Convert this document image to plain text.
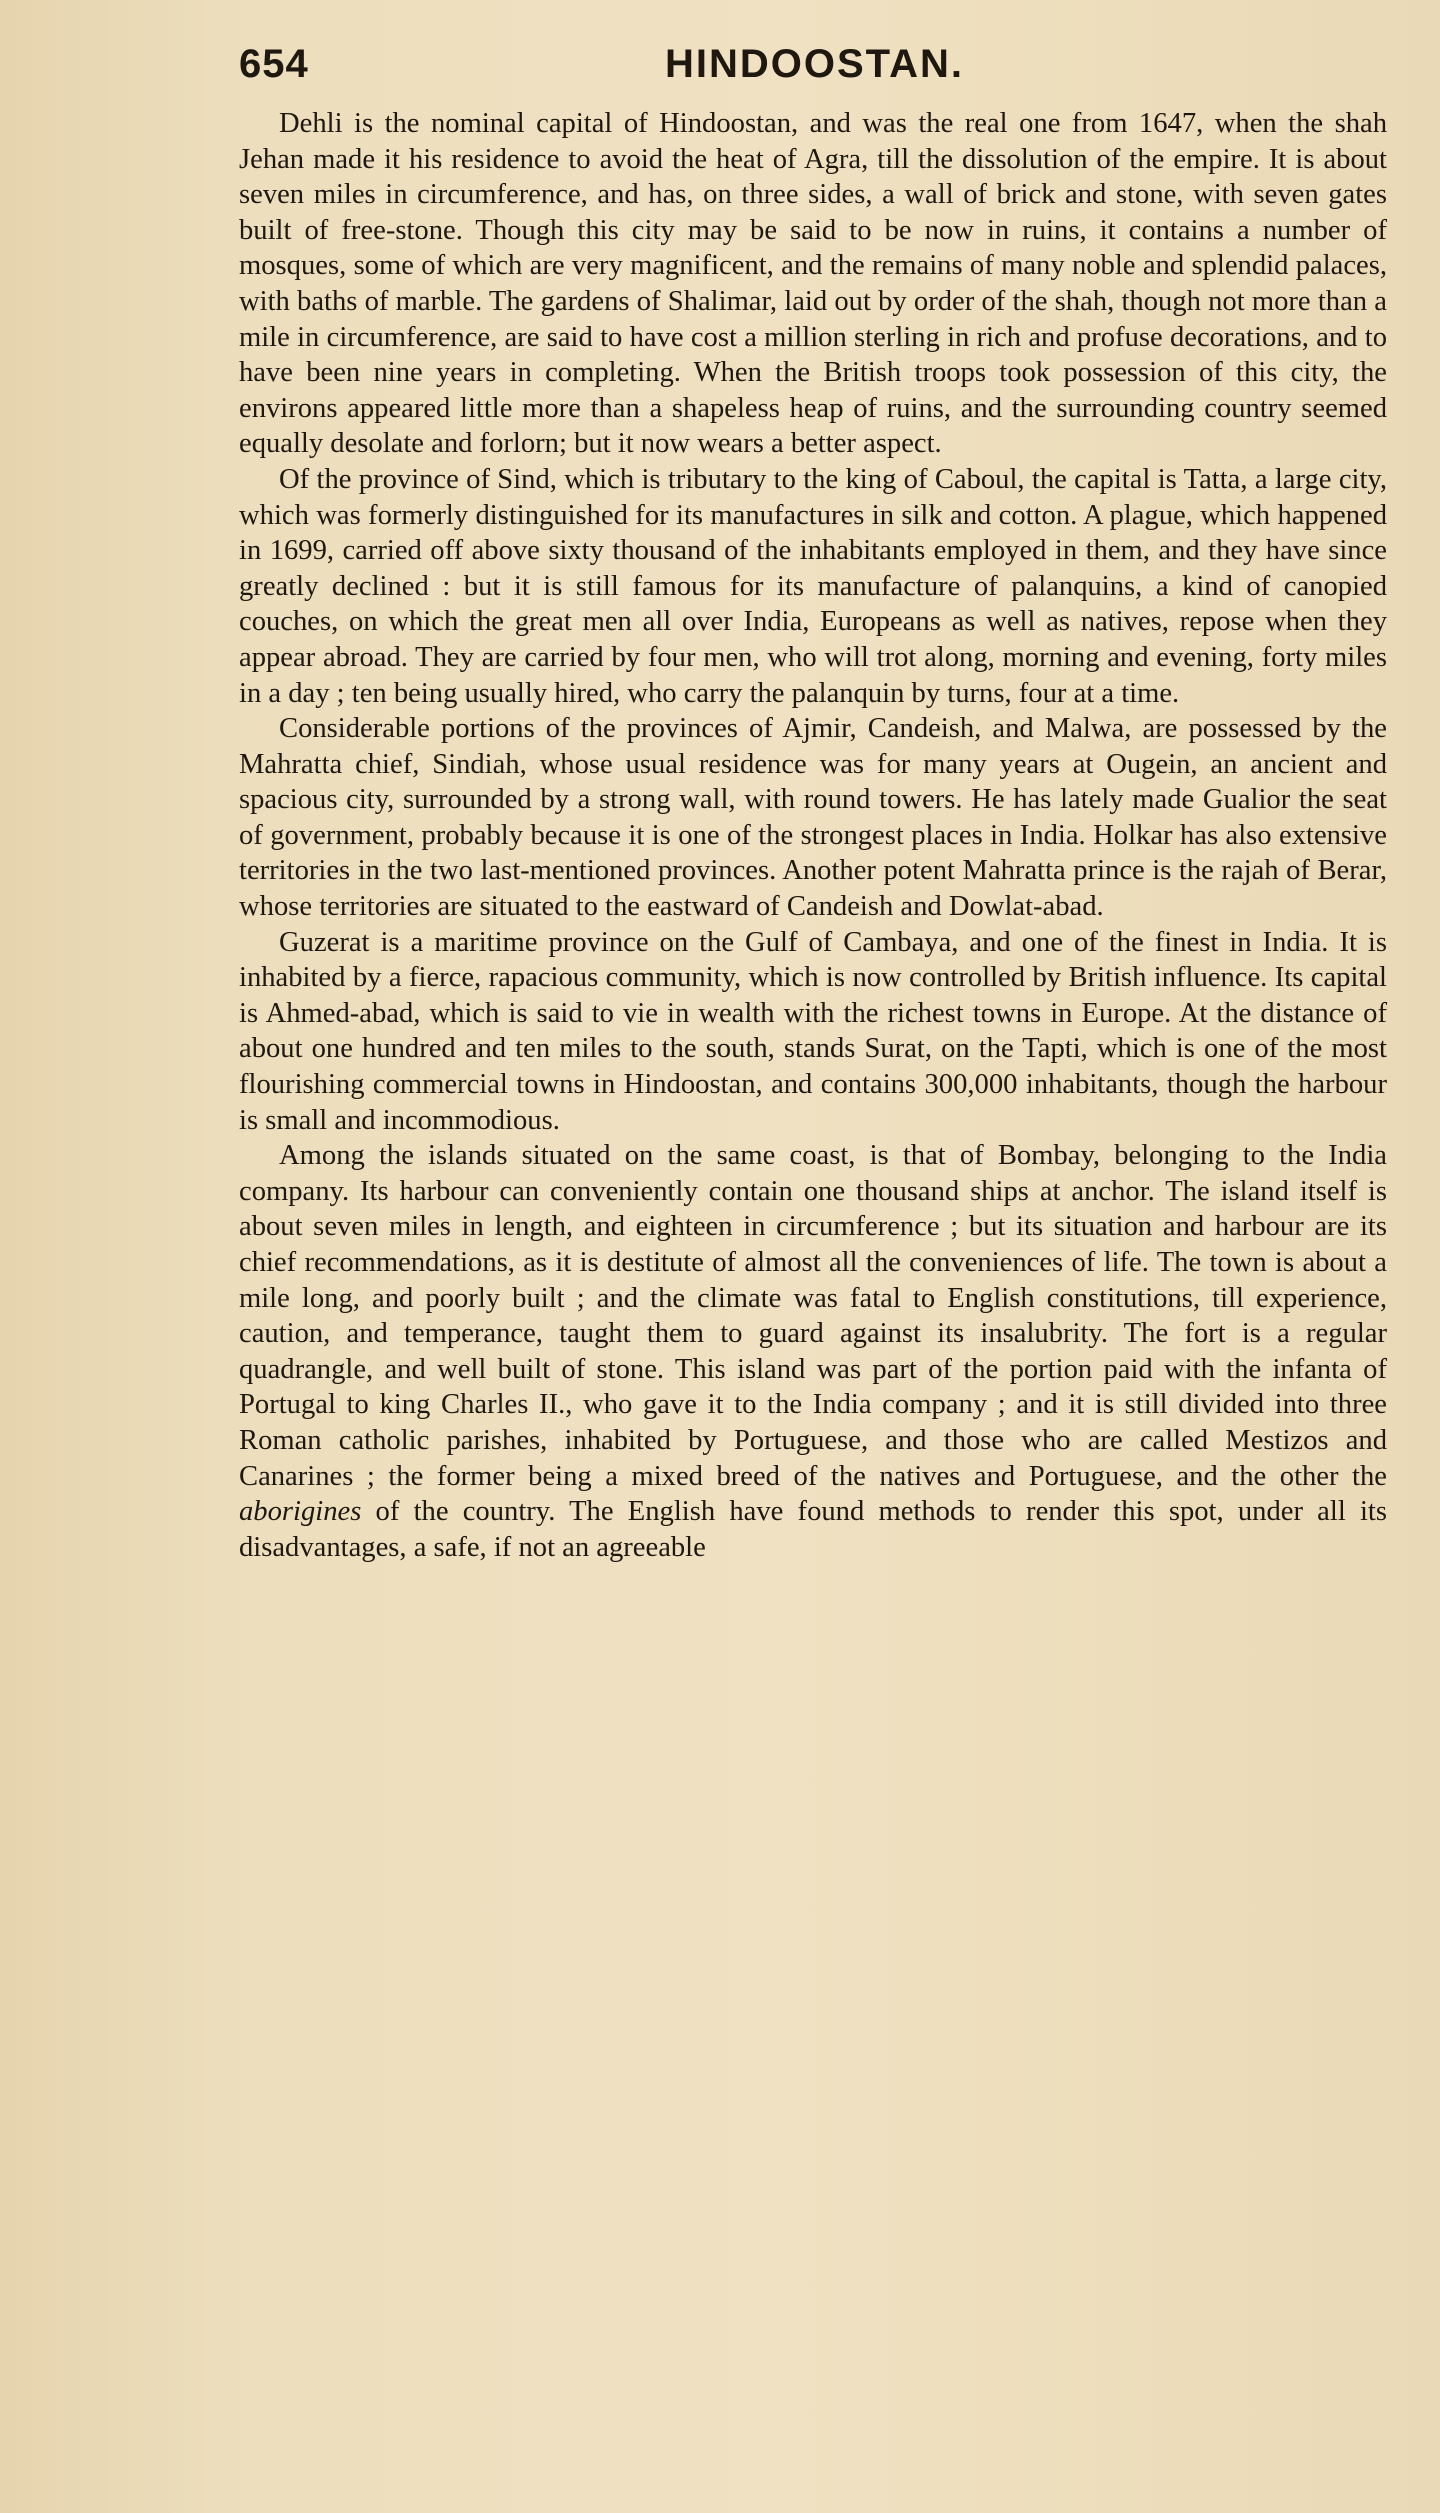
654	HINDOOSTAN.

Dehli is the nominal capital of Hindoostan, and was the real one from 1647, when the shah Jehan made it his residence to avoid the heat of Agra, till the dissolution of the empire. It is about seven miles in circumference, and has, on three sides, a wall of brick and stone, with seven gates built of free-stone. Though this city may be said to be now in ruins, it contains a number of mosques, some of which are very magnificent, and the remains of many noble and splendid palaces, with baths of marble. The gardens of Shalimar, laid out by order of the shah, though not more than a mile in circumference, are said to have cost a million sterling in rich and profuse decorations, and to have been nine years in completing. When the British troops took possession of this city, the environs appeared little more than a shapeless heap of ruins, and the surrounding country seemed equally desolate and forlorn; but it now wears a better aspect.

Of the province of Sind, which is tributary to the king of Caboul, the capital is Tatta, a large city, which was formerly distinguished for its manufactures in silk and cotton. A plague, which happened in 1699, carried off above sixty thousand of the inhabitants employed in them, and they have since greatly declined : but it is still famous for its manufacture of palanquins, a kind of canopied couches, on which the great men all over India, Europeans as well as natives, repose when they appear abroad. They are carried by four men, who will trot along, morning and evening, forty miles in a day ; ten being usually hired, who carry the palanquin by turns, four at a time.

Considerable portions of the provinces of Ajmir, Candeish, and Malwa, are possessed by the Mahratta chief, Sindiah, whose usual residence was for many years at Ougein, an ancient and spacious city, surrounded by a strong wall, with round towers. He has lately made Gualior the seat of government, probably because it is one of the strongest places in India. Holkar has also extensive territories in the two last-mentioned provinces. Another potent Mahratta prince is the rajah of Berar, whose territories are situated to the eastward of Candeish and Dowlat-abad.

Guzerat is a maritime province on the Gulf of Cambaya, and one of the finest in India. It is inhabited by a fierce, rapacious community, which is now controlled by British influence. Its capital is Ahmed-abad, which is said to vie in wealth with the richest towns in Europe. At the distance of about one hundred and ten miles to the south, stands Surat, on the Tapti, which is one of the most flourishing commercial towns in Hindoostan, and contains 300,000 inhabitants, though the harbour is small and incommodious.

Among the islands situated on the same coast, is that of Bombay, belonging to the India company. Its harbour can conveniently contain one thousand ships at anchor. The island itself is about seven miles in length, and eighteen in circumference ; but its situation and harbour are its chief recommendations, as it is destitute of almost all the conveniences of life. The town is about a mile long, and poorly built ; and the climate was fatal to English constitutions, till experience, caution, and temperance, taught them to guard against its insalubrity. The fort is a regular quadrangle, and well built of stone. This island was part of the portion paid with the infanta of Portugal to king Charles II., who gave it to the India company ; and it is still divided into three Roman catholic parishes, inhabited by Portuguese, and those who are called Mestizos and Canarines ; the former being a mixed breed of the natives and Portuguese, and the other the aborigines of the country. The English have found methods to render this spot, under all its disadvantages, a safe, if not an agreeable
